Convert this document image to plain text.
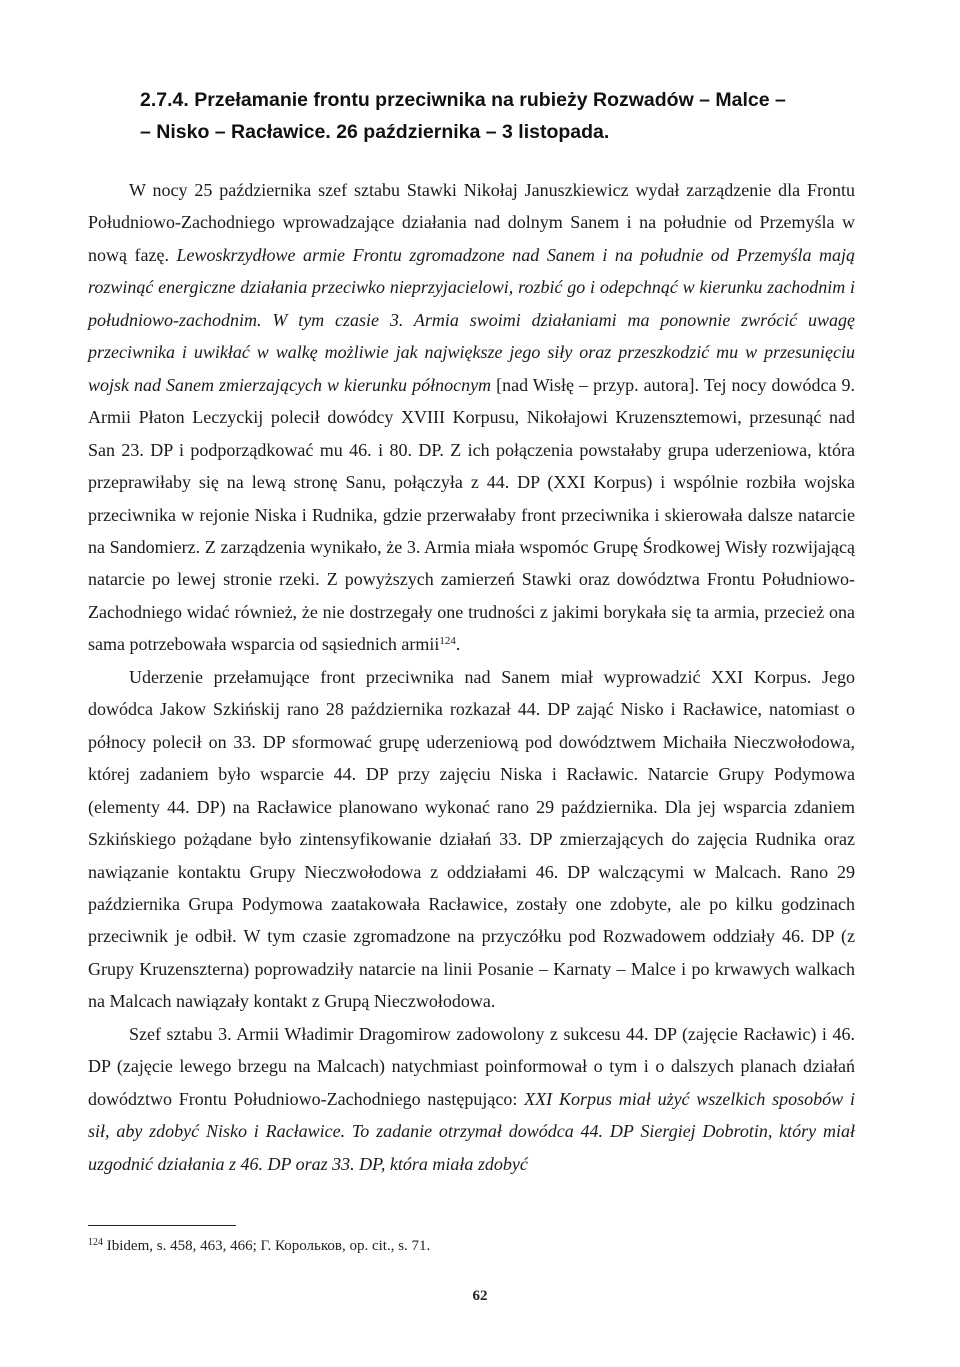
2.7.4. Przełamanie frontu przeciwnika na rubieży Rozwadów – Malce –
– Nisko – Racławice. 26 października – 3 listopada.

W nocy 25 października szef sztabu Stawki Nikołaj Januszkiewicz wydał zarządzenie dla Frontu Południowo-Zachodniego wprowadzające działania nad dolnym Sanem i na południe od Przemyśla w nową fazę. Lewoskrzydłowe armie Frontu zgromadzone nad Sanem i na południe od Przemyśla mają rozwinąć energiczne działania przeciwko nieprzyjacielowi, rozbić go i odepchnąć w kierunku zachodnim i południowo-zachodnim. W tym czasie 3. Armia swoimi działaniami ma ponownie zwrócić uwagę przeciwnika i uwikłać w walkę możliwie jak największe jego siły oraz przeszkodzić mu w przesunięciu wojsk nad Sanem zmierzających w kierunku północnym [nad Wisłę – przyp. autora]. Tej nocy dowódca 9. Armii Płaton Leczyckij polecił dowódcy XVIII Korpusu, Nikołajowi Kruzensztemowi, przesunąć nad San 23. DP i podporządkować mu 46. i 80. DP. Z ich połączenia powstałaby grupa uderzeniowa, która przeprawiłaby się na lewą stronę Sanu, połączyła z 44. DP (XXI Korpus) i wspólnie rozbiła wojska przeciwnika w rejonie Niska i Rudnika, gdzie przerwałaby front przeciwnika i skierowała dalsze natarcie na Sandomierz. Z zarządzenia wynikało, że 3. Armia miała wspomóc Grupę Środkowej Wisły rozwijającą natarcie po lewej stronie rzeki. Z powyższych zamierzeń Stawki oraz dowództwa Frontu Południowo-Zachodniego widać również, że nie dostrzegały one trudności z jakimi borykała się ta armia, przecież ona sama potrzebowała wsparcia od sąsiednich armii$^{124}$.

Uderzenie przełamujące front przeciwnika nad Sanem miał wyprowadzić XXI Korpus. Jego dowódca Jakow Szkińskij rano 28 października rozkazał 44. DP zająć Nisko i Racławice, natomiast o północy polecił on 33. DP sformować grupę uderzeniową pod dowództwem Michaiła Nieczwołodowa, której zadaniem było wsparcie 44. DP przy zajęciu Niska i Racławic. Natarcie Grupy Podymowa (elementy 44. DP) na Racławice planowano wykonać rano 29 października. Dla jej wsparcia zdaniem Szkińskiego pożądane było zintensyfikowanie działań 33. DP zmierzających do zajęcia Rudnika oraz nawiązanie kontaktu Grupy Nieczwołodowa z oddziałami 46. DP walczącymi w Malcach. Rano 29 października Grupa Podymowa zaatakowała Racławice, zostały one zdobyte, ale po kilku godzinach przeciwnik je odbił. W tym czasie zgromadzone na przyczółku pod Rozwadowem oddziały 46. DP (z Grupy Kruzenszterna) poprowadziły natarcie na linii Posanie – Karnaty – Malce i po krwawych walkach na Malcach nawiązały kontakt z Grupą Nieczwołodowa.

Szef sztabu 3. Armii Władimir Dragomirow zadowolony z sukcesu 44. DP (zajęcie Racławic) i 46. DP (zajęcie lewego brzegu na Malcach) natychmiast poinformował o tym i o dalszych planach działań dowództwo Frontu Południowo-Zachodniego następująco: XXI Korpus miał użyć wszelkich sposobów i sił, aby zdobyć Nisko i Racławice. To zadanie otrzymał dowódca 44. DP Siergiej Dobrotin, który miał uzgodnić działania z 46. DP oraz 33. DP, która miała zdobyć

$^{124}$ Ibidem, s. 458, 463, 466; Г. Корольков, op. cit., s. 71.
62
